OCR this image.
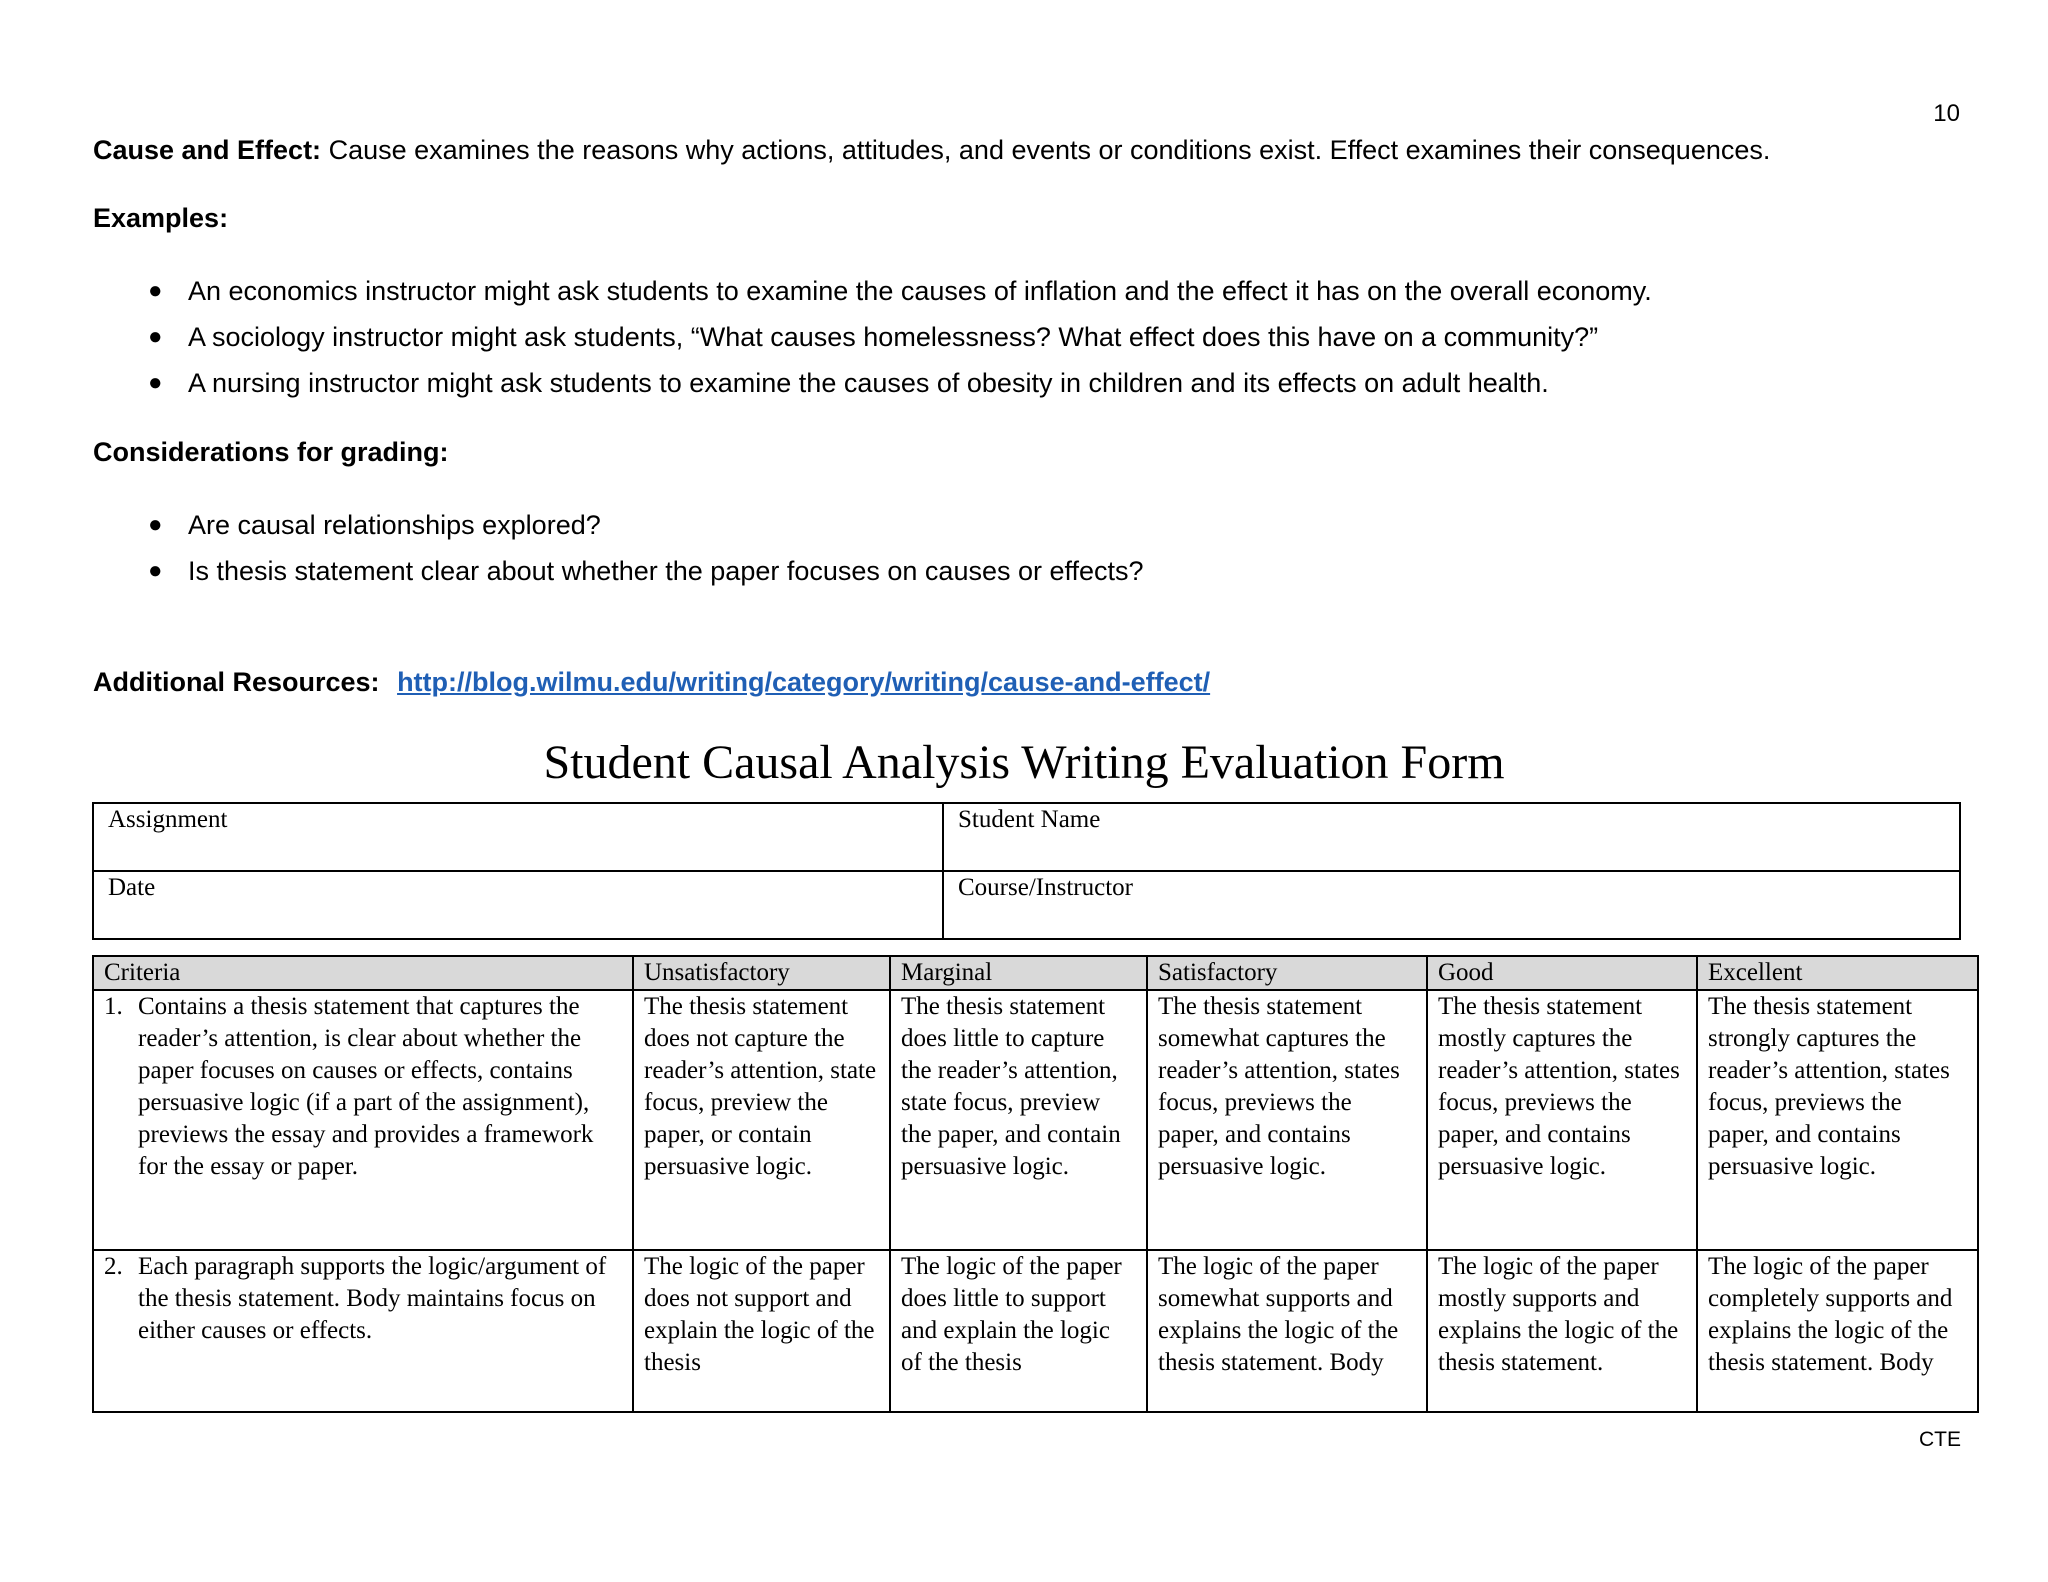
10
Cause and Effect: Cause examines the reasons why actions, attitudes, and events or conditions exist. Effect examines their consequences.
Examples:
● An economics instructor might ask students to examine the causes of inflation and the effect it has on the overall economy.
● A sociology instructor might ask students, “What causes homelessness? What effect does this have on a community?”
● A nursing instructor might ask students to examine the causes of obesity in children and its effects on adult health.
Considerations for grading:
● Are causal relationships explored?
● Is thesis statement clear about whether the paper focuses on causes or effects?
Additional Resources: http://blog.wilmu.edu/writing/category/writing/cause-and-effect/
Student Causal Analysis Writing Evaluation Form
Assignment	Student Name
Date	Course/Instructor
Criteria	Unsatisfactory	Marginal	Satisfactory	Good	Excellent

1. Contains a thesis statement that captures the reader’s attention, is clear about whether the paper focuses on causes or effects, contains persuasive logic (if a part of the assignment), previews the essay and provides a framework for the essay or paper.	The thesis statement does not capture the reader’s attention, state focus, preview the paper, or contain persuasive logic.	The thesis statement does little to capture the reader’s attention, state focus, preview the paper, and contain persuasive logic.	The thesis statement somewhat captures the reader’s attention, states focus, previews the paper, and contains persuasive logic.	The thesis statement mostly captures the reader’s attention, states focus, previews the paper, and contains persuasive logic.	The thesis statement strongly captures the reader’s attention, states focus, previews the paper, and contains persuasive logic.

2. Each paragraph supports the logic/argument of the thesis statement. Body maintains focus on either causes or effects.	The logic of the paper does not support and explain the logic of the thesis	The logic of the paper does little to support and explain the logic of the thesis	The logic of the paper somewhat supports and explains the logic of the thesis statement. Body	The logic of the paper mostly supports and explains the logic of the thesis statement.	The logic of the paper completely supports and explains the logic of the thesis statement. Body
CTE
